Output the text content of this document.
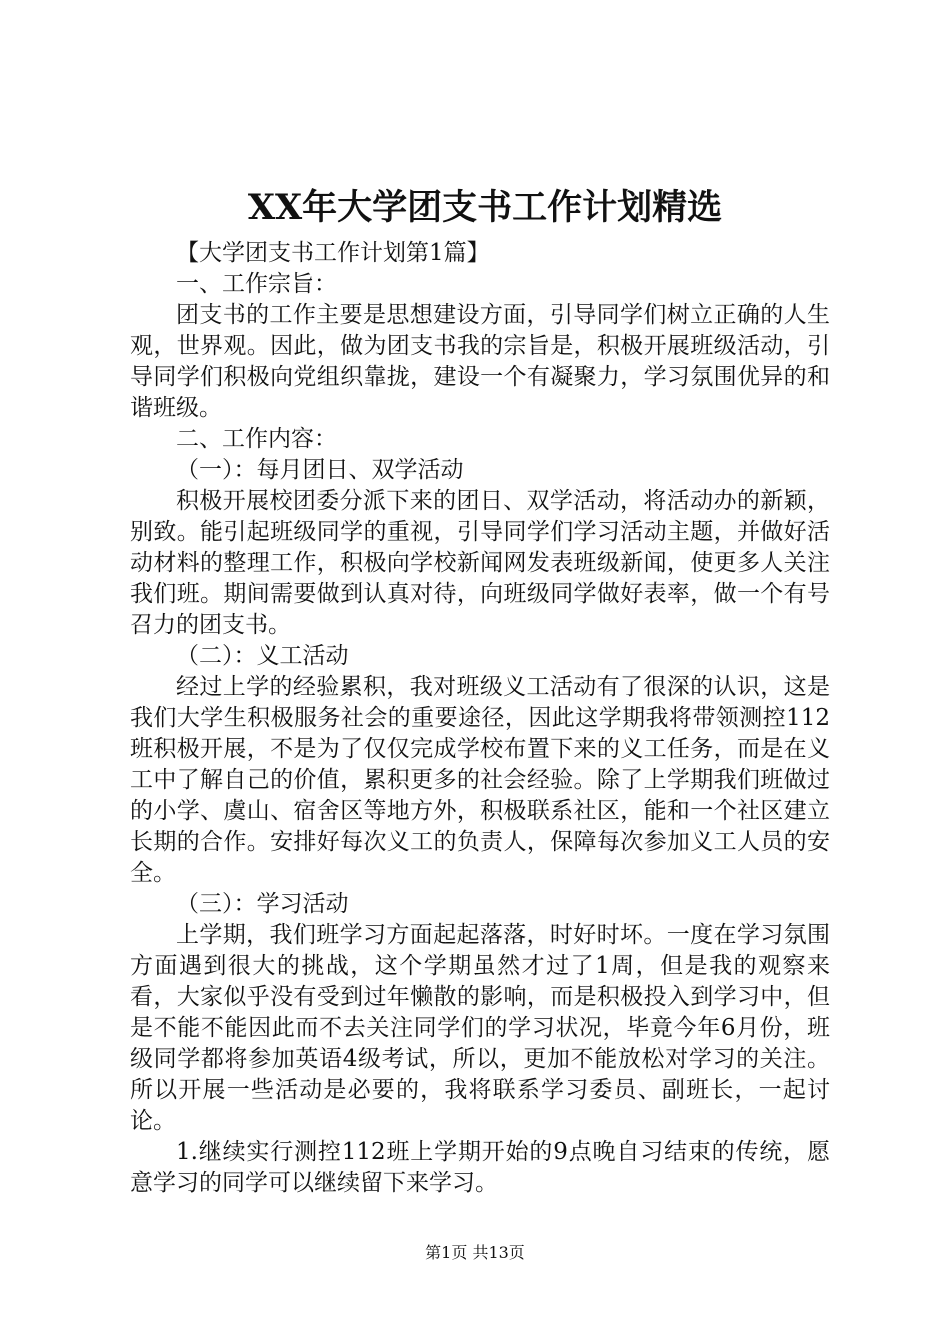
XX年大学团支书工作计划精选

【大学团支书工作计划第1篇】

一、工作宗旨：

团支书的工作主要是思想建设方面，引导同学们树立正确的人生观，世界观。因此，做为团支书我的宗旨是，积极开展班级活动，引导同学们积极向党组织靠拢，建设一个有凝聚力，学习氛围优异的和谐班级。

二、工作内容：

（一）：每月团日、双学活动

积极开展校团委分派下来的团日、双学活动，将活动办的新颖，别致。能引起班级同学的重视，引导同学们学习活动主题，并做好活动材料的整理工作，积极向学校新闻网发表班级新闻，使更多人关注我们班。期间需要做到认真对待，向班级同学做好表率，做一个有号召力的团支书。

（二）：义工活动

经过上学的经验累积，我对班级义工活动有了很深的认识，这是我们大学生积极服务社会的重要途径，因此这学期我将带领测控112班积极开展，不是为了仅仅完成学校布置下来的义工任务，而是在义工中了解自己的价值，累积更多的社会经验。除了上学期我们班做过的小学、虞山、宿舍区等地方外，积极联系社区，能和一个社区建立长期的合作。安排好每次义工的负责人，保障每次参加义工人员的安全。

（三）：学习活动

上学期，我们班学习方面起起落落，时好时坏。一度在学习氛围方面遇到很大的挑战，这个学期虽然才过了1周，但是我的观察来看，大家似乎没有受到过年懒散的影响，而是积极投入到学习中，但是不能不能因此而不去关注同学们的学习状况，毕竟今年6月份，班级同学都将参加英语4级考试，所以，更加不能放松对学习的关注。所以开展一些活动是必要的，我将联系学习委员、副班长，一起讨论。

1.继续实行测控112班上学期开始的9点晚自习结束的传统，愿意学习的同学可以继续留下来学习。

第1页 共13页
